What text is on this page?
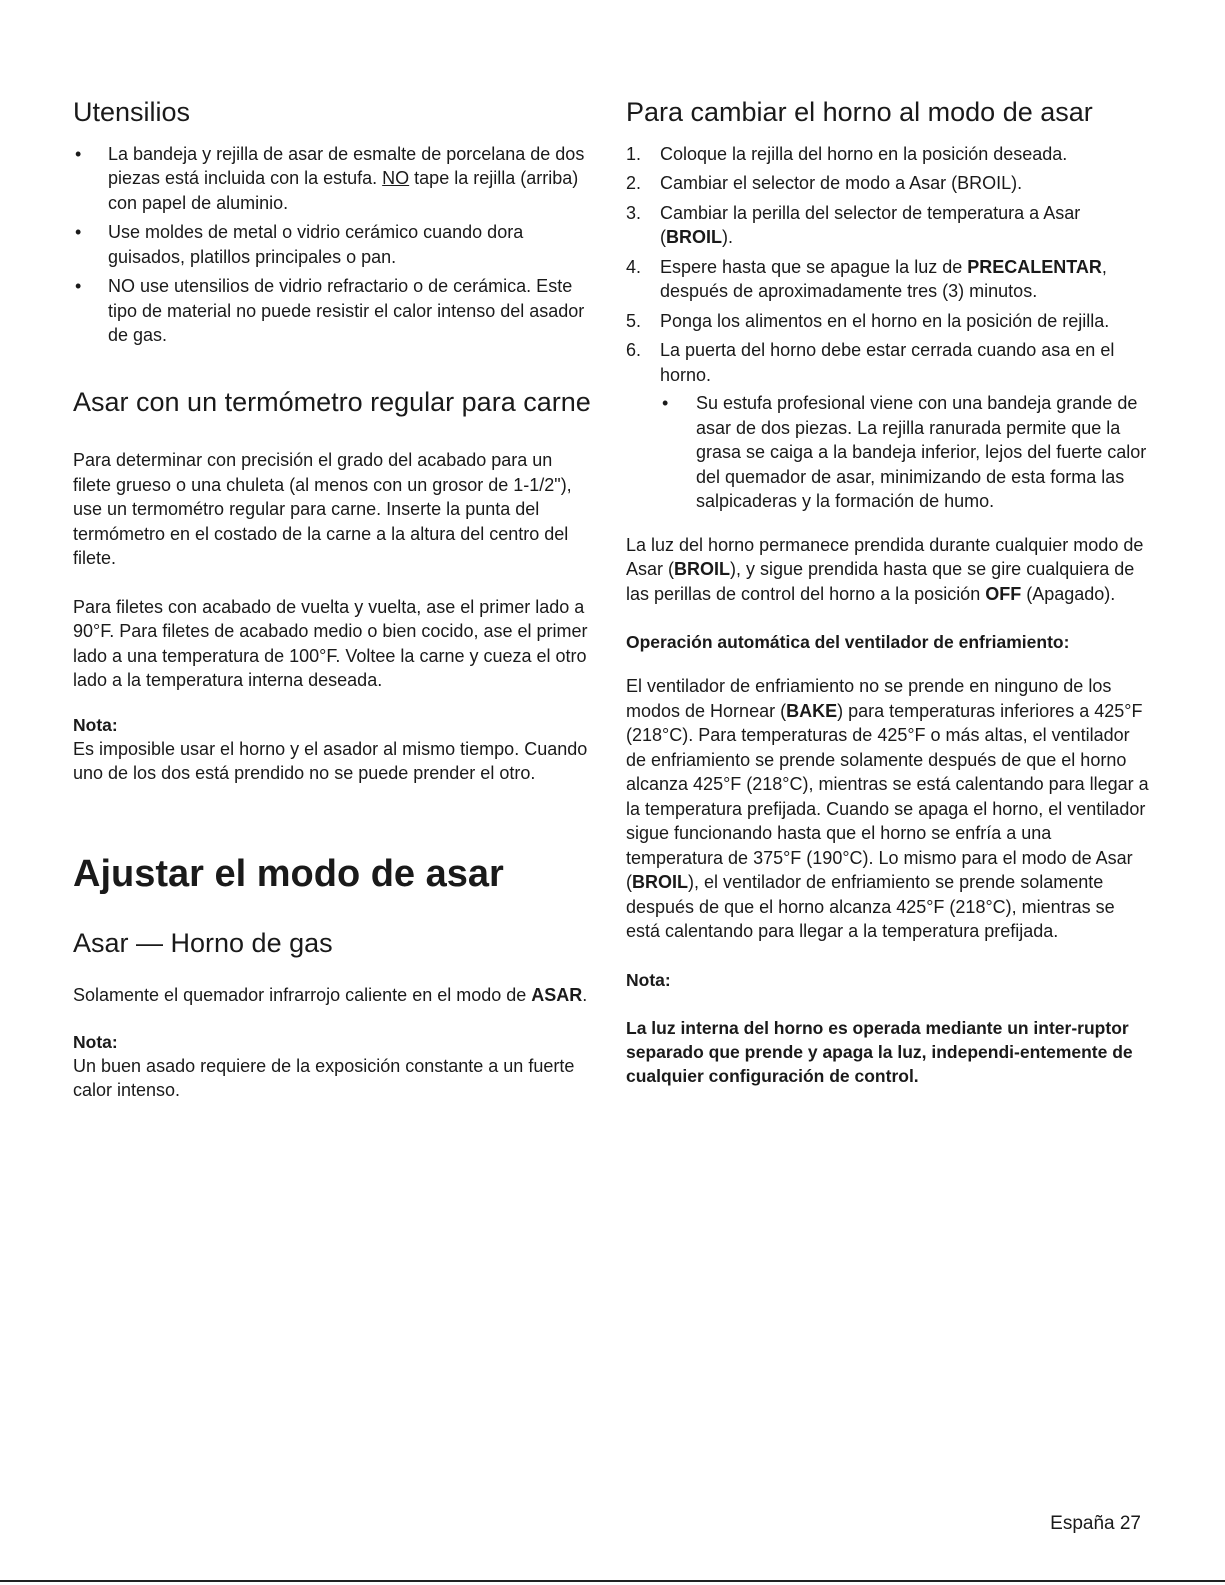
Utensilios
• La bandeja y rejilla de asar de esmalte de porcelana de dos piezas está incluida con la estufa. NO tape la rejilla (arriba) con papel de aluminio.
• Use moldes de metal o vidrio cerámico cuando dora guisados, platillos principales o pan.
• NO use utensilios de vidrio refractario o de cerámica. Este tipo de material no puede resistir el calor intenso del asador de gas.
Asar con un termómetro regular para carne

Para determinar con precisión el grado del acabado para un filete grueso o una chuleta (al menos con un grosor de 1-1/2"), use un termométro regular para carne. Inserte la punta del termómetro en el costado de la carne a la altura del centro del filete.

Para filetes con acabado de vuelta y vuelta, ase el primer lado a 90°F. Para filetes de acabado medio o bien cocido, ase el primer lado a una temperatura de 100°F. Voltee la carne y cueza el otro lado a la temperatura interna deseada.

Nota:

Es imposible usar el horno y el asador al mismo tiempo. Cuando uno de los dos está prendido no se puede prender el otro.

Ajustar el modo de asar
Asar — Horno de gas

Solamente el quemador infrarrojo caliente en el modo de ASAR.

Nota:

Un buen asado requiere de la exposición constante a un fuerte calor intenso.

Para cambiar el horno al modo de asar
1. Coloque la rejilla del horno en la posición deseada.
2. Cambiar el selector de modo a Asar (BROIL).
3. Cambiar la perilla del selector de temperatura a Asar (BROIL).
4. Espere hasta que se apague la luz de PRECALENTAR, después de aproximadamente tres (3) minutos.
5. Ponga los alimentos en el horno en la posición de rejilla.
6. La puerta del horno debe estar cerrada cuando asa en el horno.
• Su estufa profesional viene con una bandeja grande de asar de dos piezas. La rejilla ranurada permite que la grasa se caiga a la bandeja inferior, lejos del fuerte calor del quemador de asar, minimizando de esta forma las salpicaderas y la formación de humo.

La luz del horno permanece prendida durante cualquier modo de Asar (BROIL), y sigue prendida hasta que se gire cualquiera de las perillas de control del horno a la posición OFF (Apagado).

Operación automática del ventilador de enfriamiento:

El ventilador de enfriamiento no se prende en ninguno de los modos de Hornear (BAKE) para temperaturas inferiores a 425°F (218°C). Para temperaturas de 425°F o más altas, el ventilador de enfriamiento se prende solamente después de que el horno alcanza 425°F (218°C), mientras se está calentando para llegar a la temperatura prefijada. Cuando se apaga el horno, el ventilador sigue funcionando hasta que el horno se enfría a una temperatura de 375°F (190°C). Lo mismo para el modo de Asar (BROIL), el ventilador de enfriamiento se prende solamente después de que el horno alcanza 425°F (218°C), mientras se está calentando para llegar a la temperatura prefijada.

Nota:

La luz interna del horno es operada mediante un inter-ruptor separado que prende y apaga la luz, independi-entemente de cualquier configuración de control.

España 27
